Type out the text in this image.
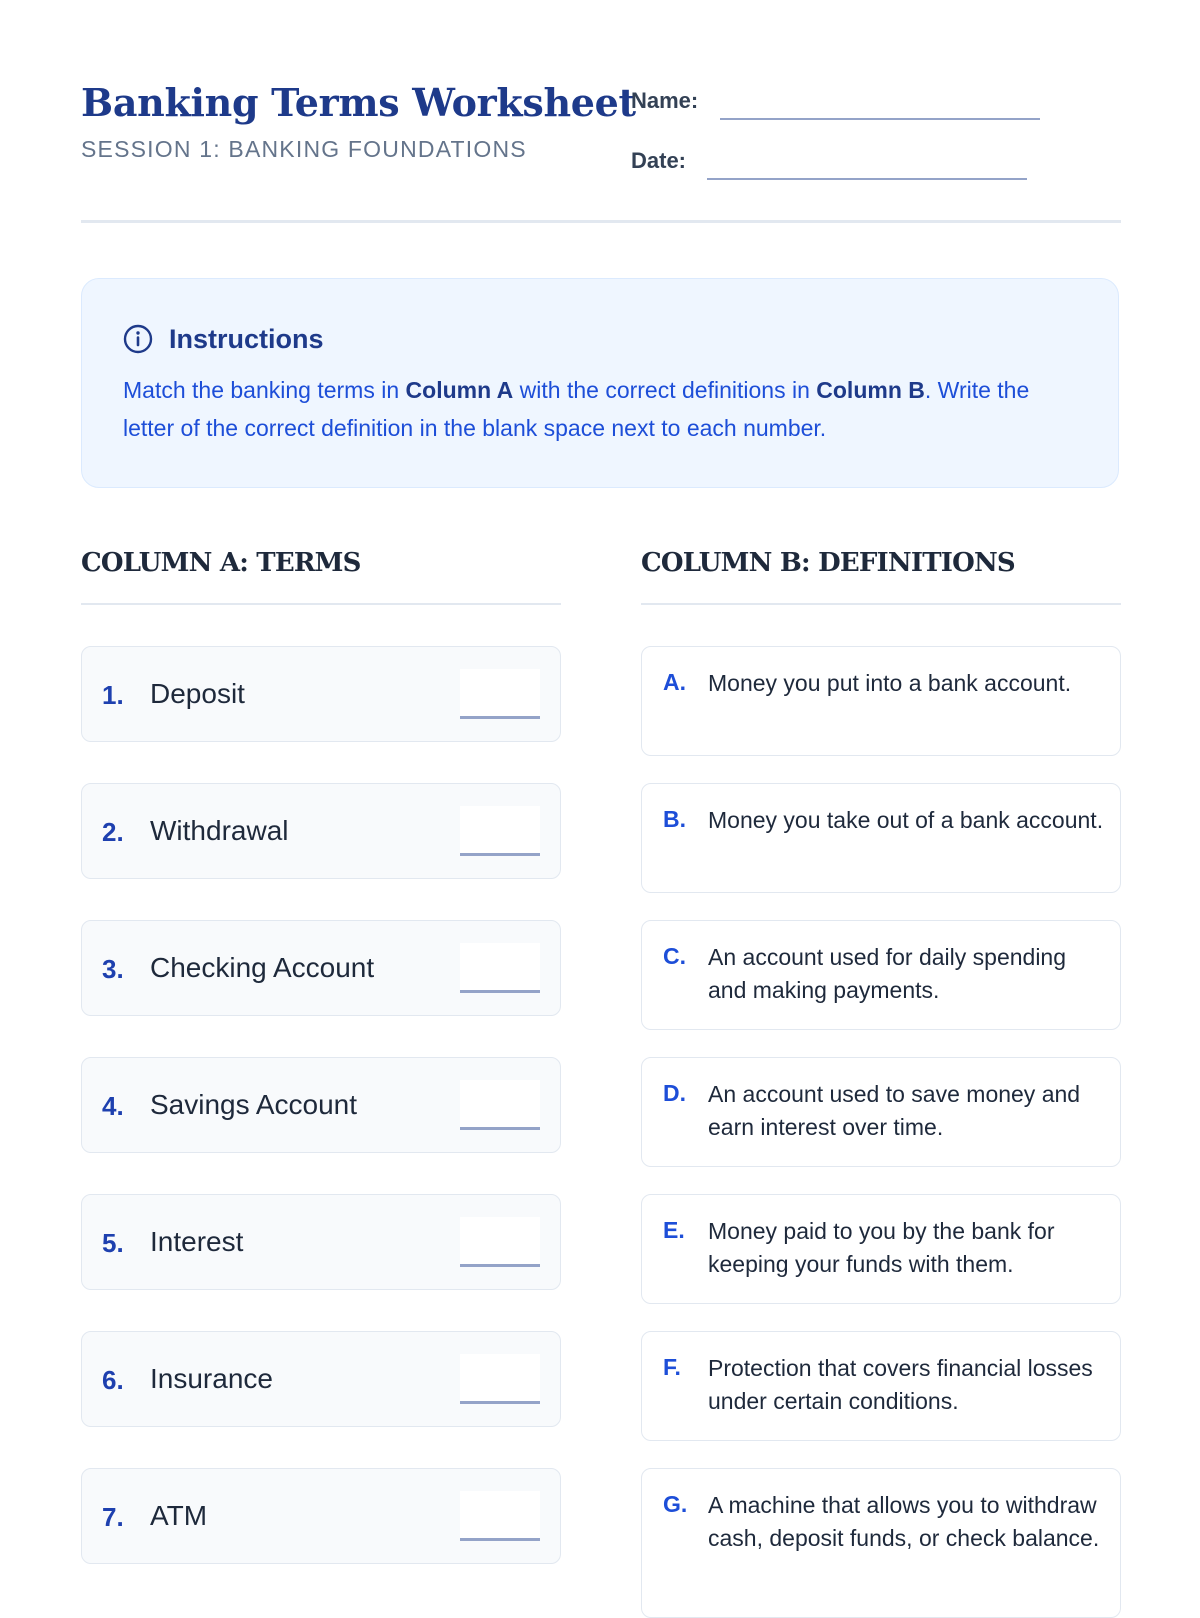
Banking Terms Worksheet
SESSION 1: BANKING FOUNDATIONS
Name:
Date:
Instructions
Match the banking terms in Column A with the correct definitions in Column B. Write the letter of the correct definition in the blank space next to each number.
COLUMN A: TERMS	COLUMN B: DEFINITIONS
1. Deposit
2. Withdrawal
3. Checking Account
4. Savings Account
5. Interest
6. Insurance
7. ATM
A. Money you put into a bank account.
B. Money you take out of a bank account.
C. An account used for daily spending and making payments.
D. An account used to save money and earn interest over time.
E. Money paid to you by the bank for keeping your funds with them.
F. Protection that covers financial losses under certain conditions.
G. A machine that allows you to withdraw cash, deposit funds, or check balance.
